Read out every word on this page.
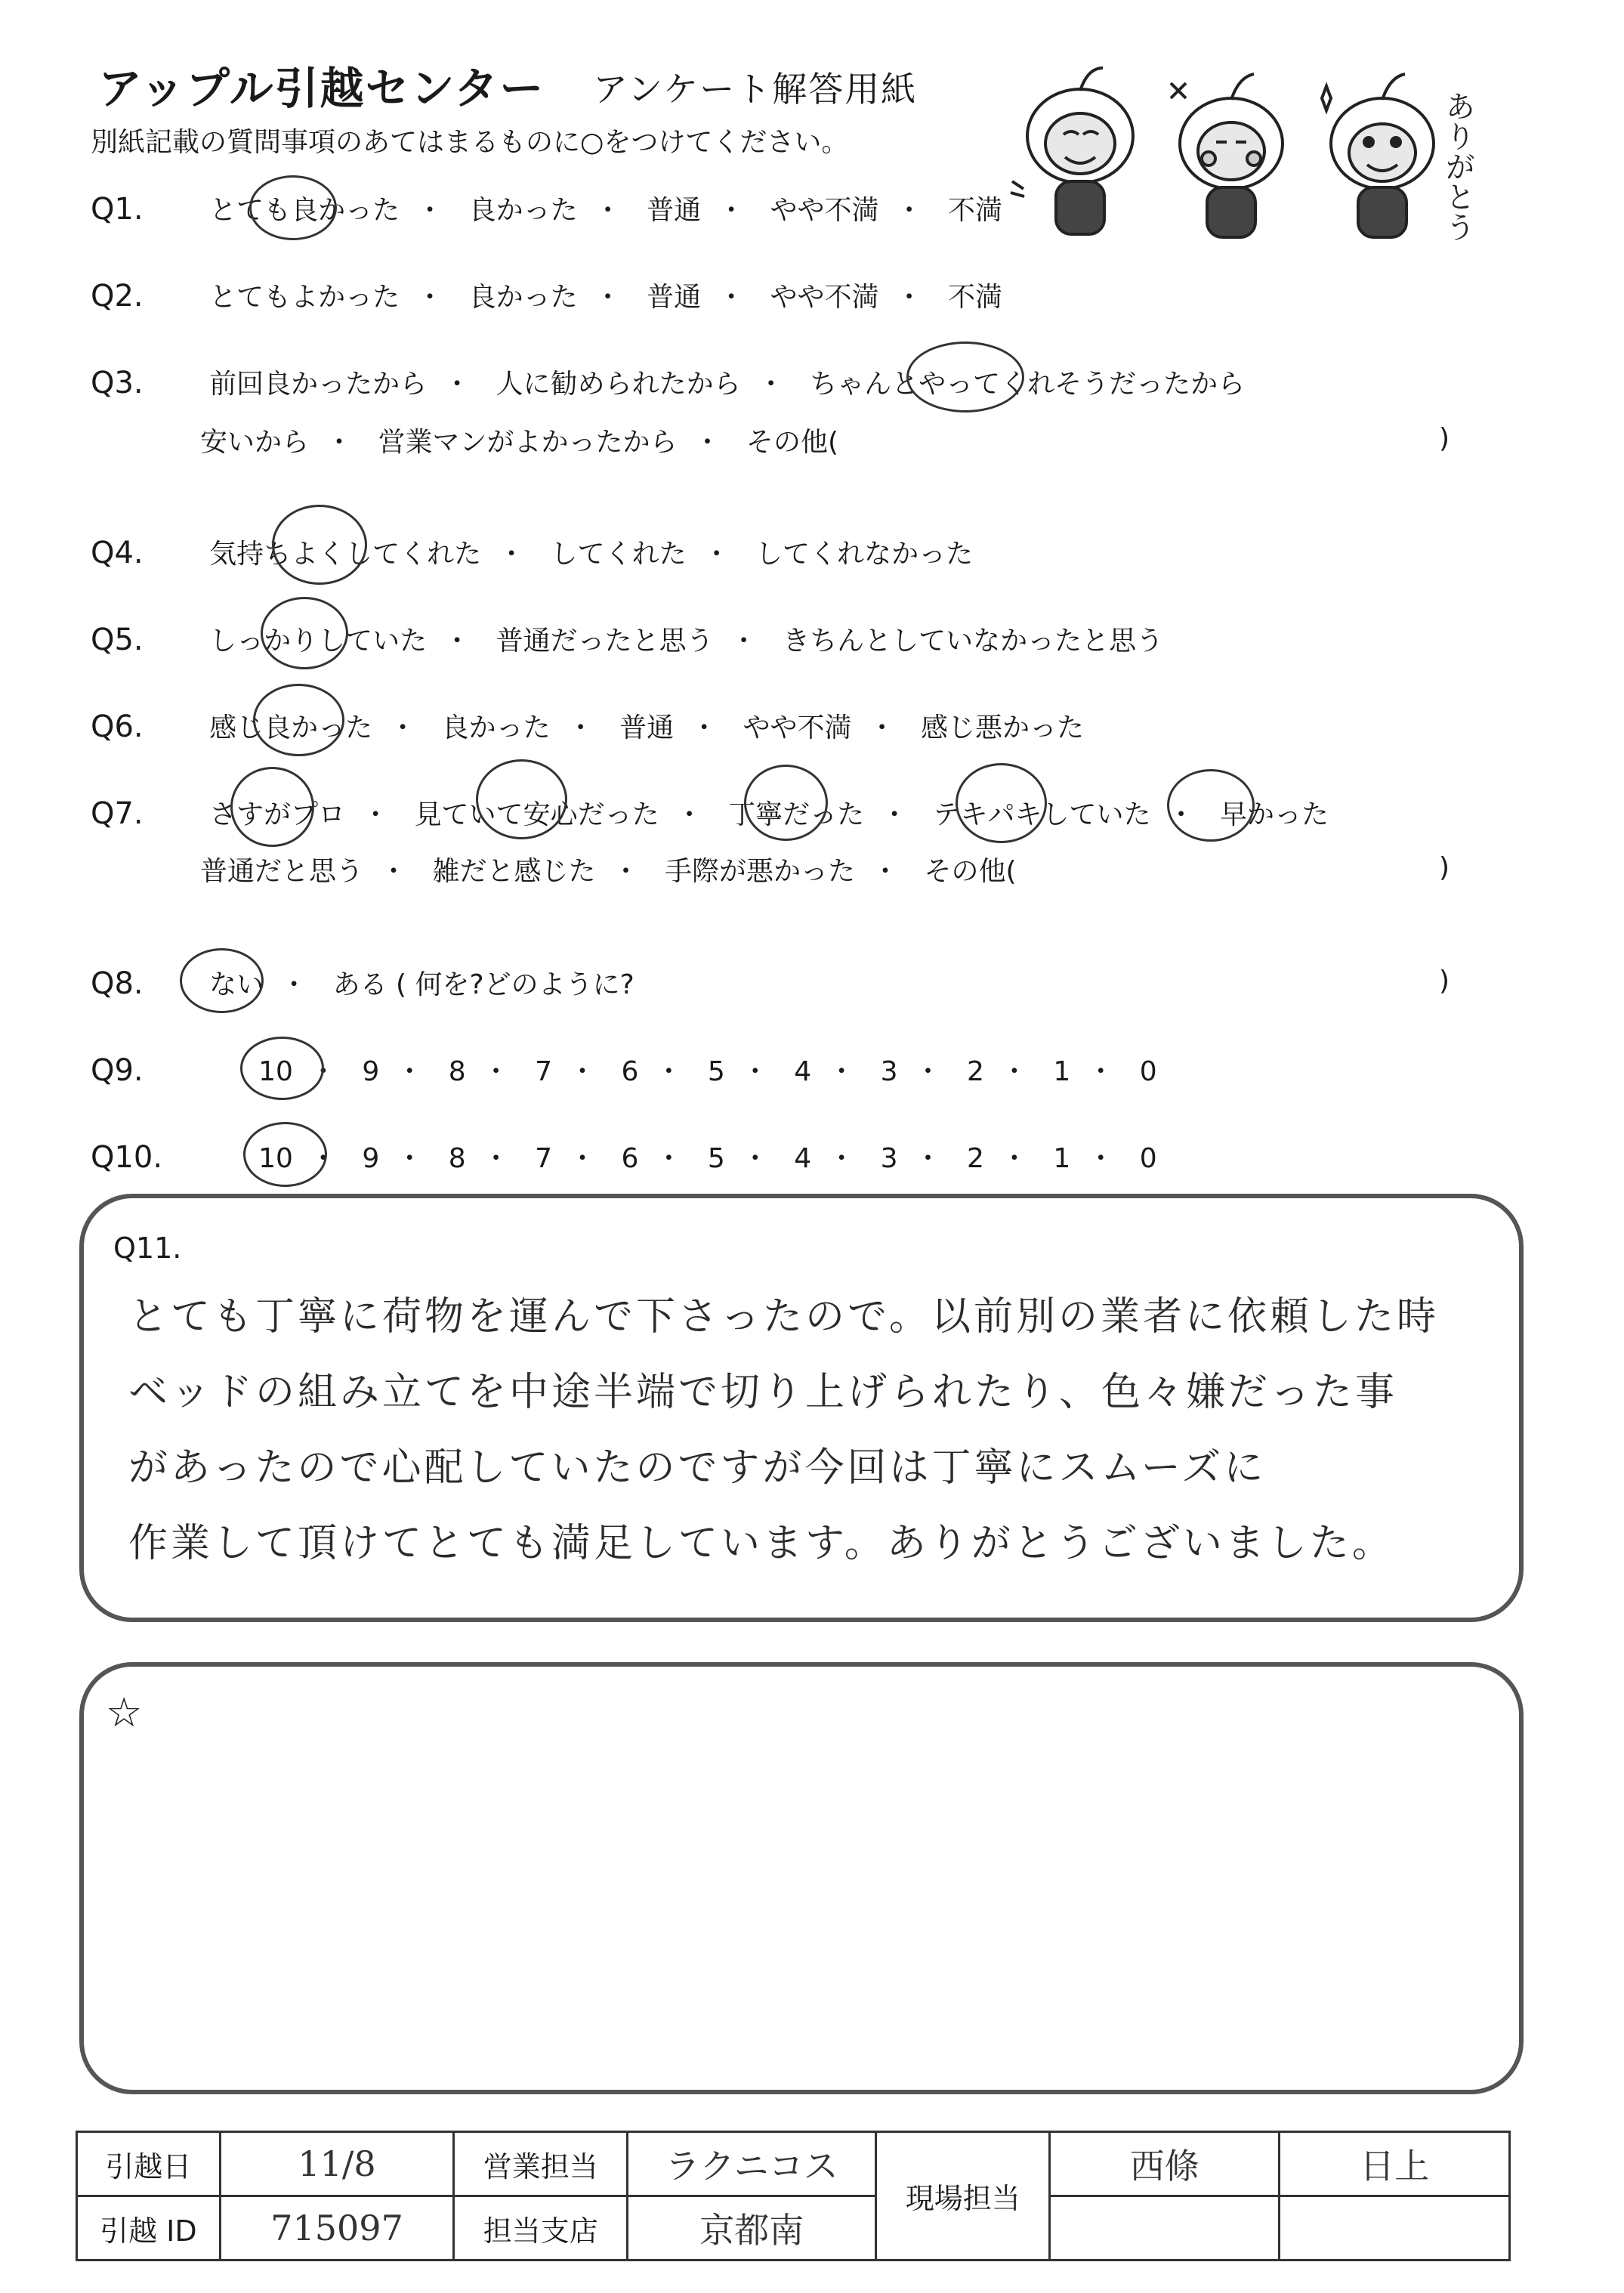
アップル引越センター アンケート解答用紙
別紙記載の質問事項のあてはまるものに○をつけてください。	ありがとう
Q1. とても良かった ・ 良かった ・ 普通 ・ やや不満 ・ 不満
Q2. とてもよかった ・ 良かった ・ 普通 ・ やや不満 ・ 不満
Q3. 前回良かったから ・ 人に勧められたから ・ ちゃんとやってくれそうだったから
安いから ・ 営業マンがよかったから ・ その他(	)
Q4. 気持ちよくしてくれた ・ してくれた ・ してくれなかった
Q5. しっかりしていた ・ 普通だったと思う ・ きちんとしていなかったと思う
Q6. 感じ良かった ・ 良かった ・ 普通 ・ やや不満 ・ 感じ悪かった
Q7. さすがプロ ・ 見ていて安心だった ・ 丁寧だった ・ テキパキしていた ・ 早かった
普通だと思う ・ 雑だと感じた ・ 手際が悪かった ・ その他(	)
Q8. ない ・ ある ( 何を?どのように?	)
Q9.	10 ・ 9 ・ 8 ・ 7 ・ 6 ・ 5 ・ 4 ・ 3 ・ 2 ・ 1 ・ 0
Q10.	10 ・ 9 ・ 8 ・ 7 ・ 6 ・ 5 ・ 4 ・ 3 ・ 2 ・ 1 ・ 0
Q11.
とても丁寧に荷物を運んで下さったので。以前別の業者に依頼した時
ベッドの組み立てを中途半端で切り上げられたり、色々嫌だった事
があったので心配していたのですが今回は丁寧にスムーズに
作業して頂けてとても満足しています。ありがとうございました。
☆
引越日	11/8	営業担当	ラクニコス	現場担当	西條	日上
引越 ID	715097	担当支店	京都南			
